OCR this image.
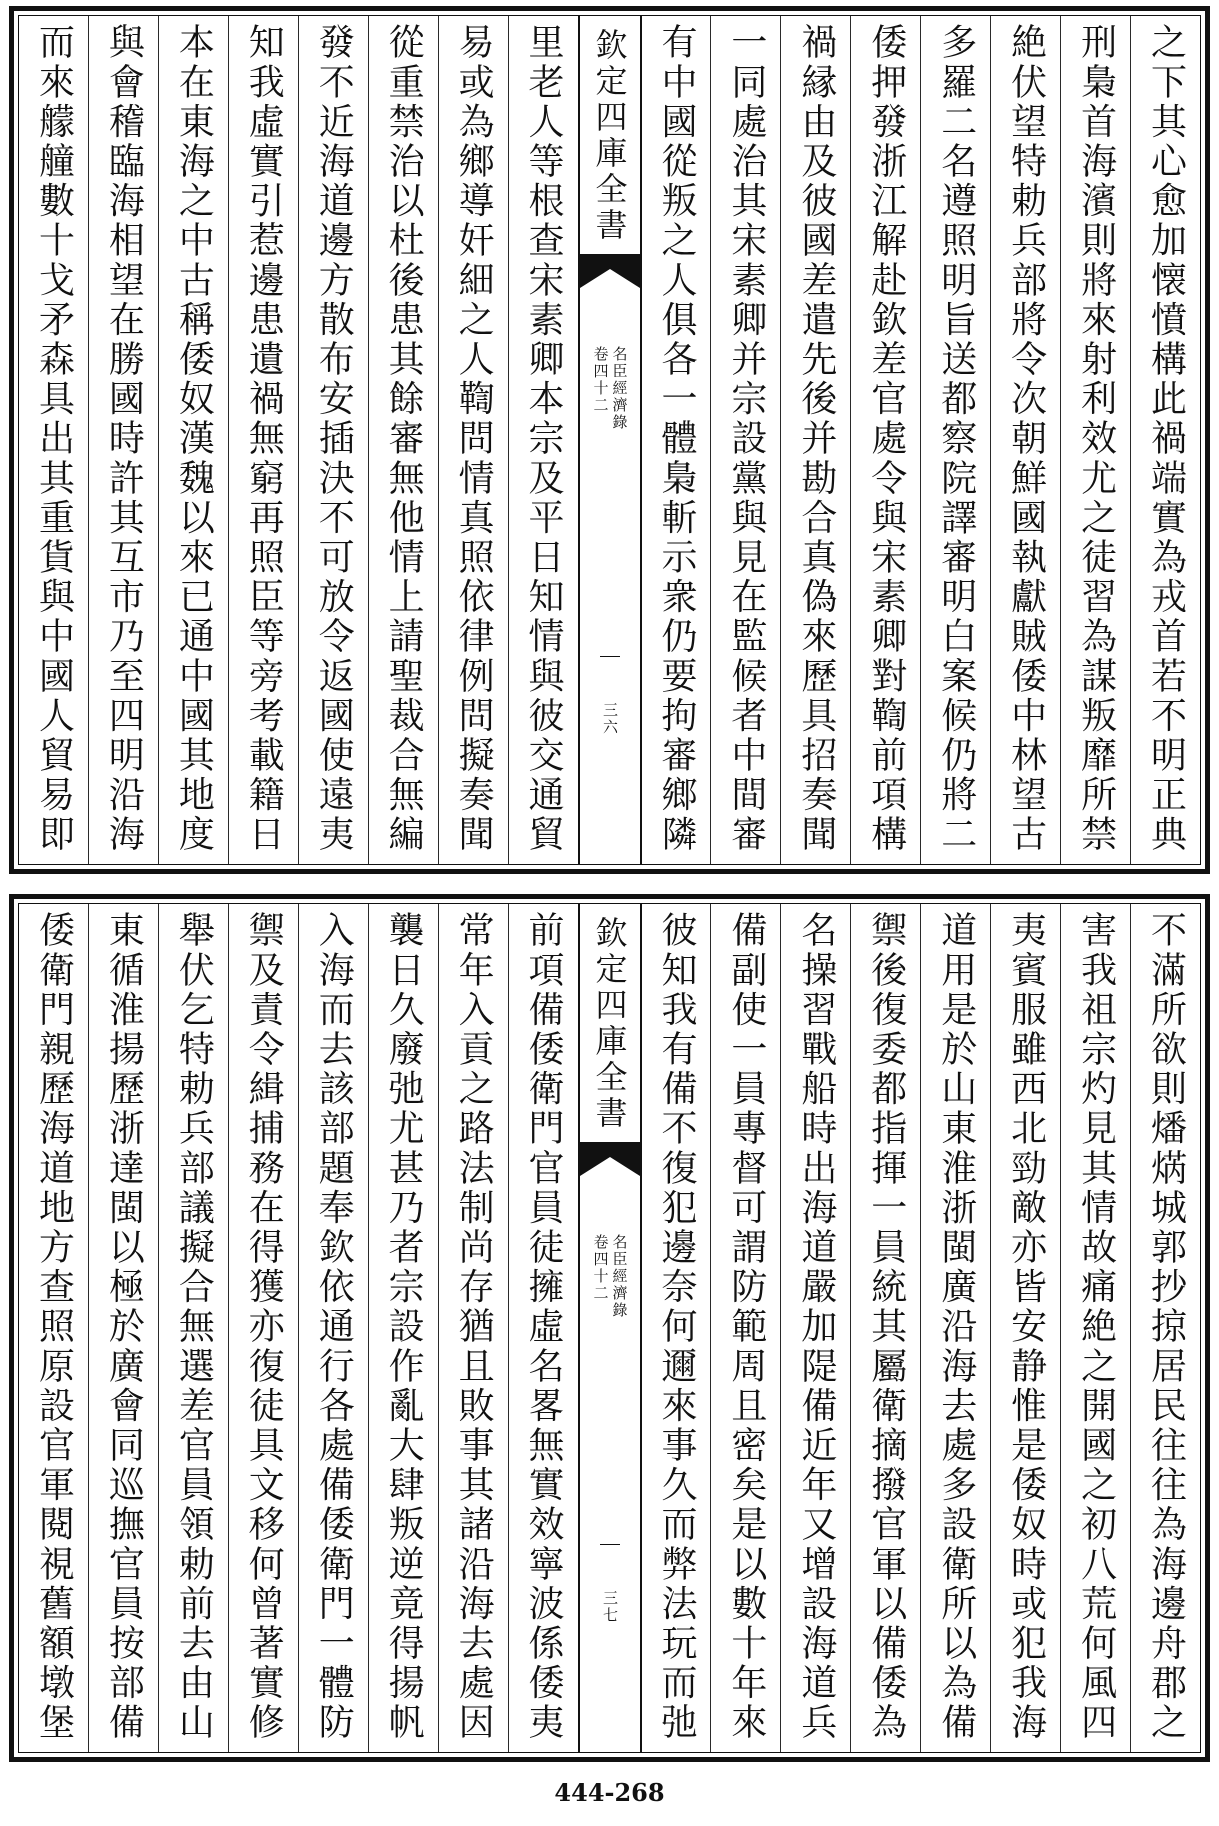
之下其心愈加懐憤構此禍端實為戎首若不明正典
刑梟首海濱則將來射利效尤之徒習為謀叛靡所禁
絶伏望特勅兵部將令次朝鮮國執獻賊倭中林望古
多羅二名遵照明旨送都察院譯審明白案候仍將二
倭押發浙江解赴欽差官處令與宋素卿對鞫前項構
禍縁由及彼國差遣先後并勘合真偽來歷具招奏聞
一同處治其宋素卿并宗設黨與見在監候者中間審
有中國從叛之人俱各一體梟斬示衆仍要拘審鄉隣
欽定四庫全書
名臣經濟錄
卷四十二
三六
里老人等根查宋素卿本宗及平日知情與彼交通貿
易或為鄉導奸細之人鞫問情真照依律例問擬奏聞
從重禁治以杜後患其餘審無他情上請聖裁合無編
發不近海道邊方散布安插決不可放令返國使遠夷
知我虛實引惹邊患遺禍無窮再照臣等旁考載籍日
本在東海之中古稱倭奴漢魏以來已通中國其地度
與會稽臨海相望在勝國時許其互市乃至四明沿海
而來艨艟數十戈矛森具出其重貨與中國人貿易即
不滿所欲則燔焫城郭抄掠居民往往為海邊舟郡之
害我祖宗灼見其情故痛絶之開國之初八荒何風四
夷賓服雖西北勁敵亦皆安静惟是倭奴時或犯我海
道用是於山東淮浙閩廣沿海去處多設衛所以為備
禦後復委都指揮一員統其屬衛摘撥官軍以備倭為
名操習戰船時出海道嚴加隄備近年又增設海道兵
備副使一員專督可謂防範周且密矣是以數十年來
彼知我有備不復犯邊奈何邇來事久而弊法玩而弛
欽定四庫全書
名臣經濟錄
卷四十二
三七
前項備倭衛門官員徒擁虛名畧無實效寧波係倭夷
常年入貢之路法制尚存猶且敗事其諸沿海去處因
襲日久廢弛尤甚乃者宗設作亂大肆叛逆竟得揚帆
入海而去該部題奉欽依通行各處備倭衛門一體防
禦及責令緝捕務在得獲亦復徒具文移何曾著實修
舉伏乞特勅兵部議擬合無選差官員領勅前去由山
東循淮揚歷浙達閩以極於廣會同巡撫官員按部備
倭衛門親歷海道地方查照原設官軍閱視舊額墩堡
444-268
